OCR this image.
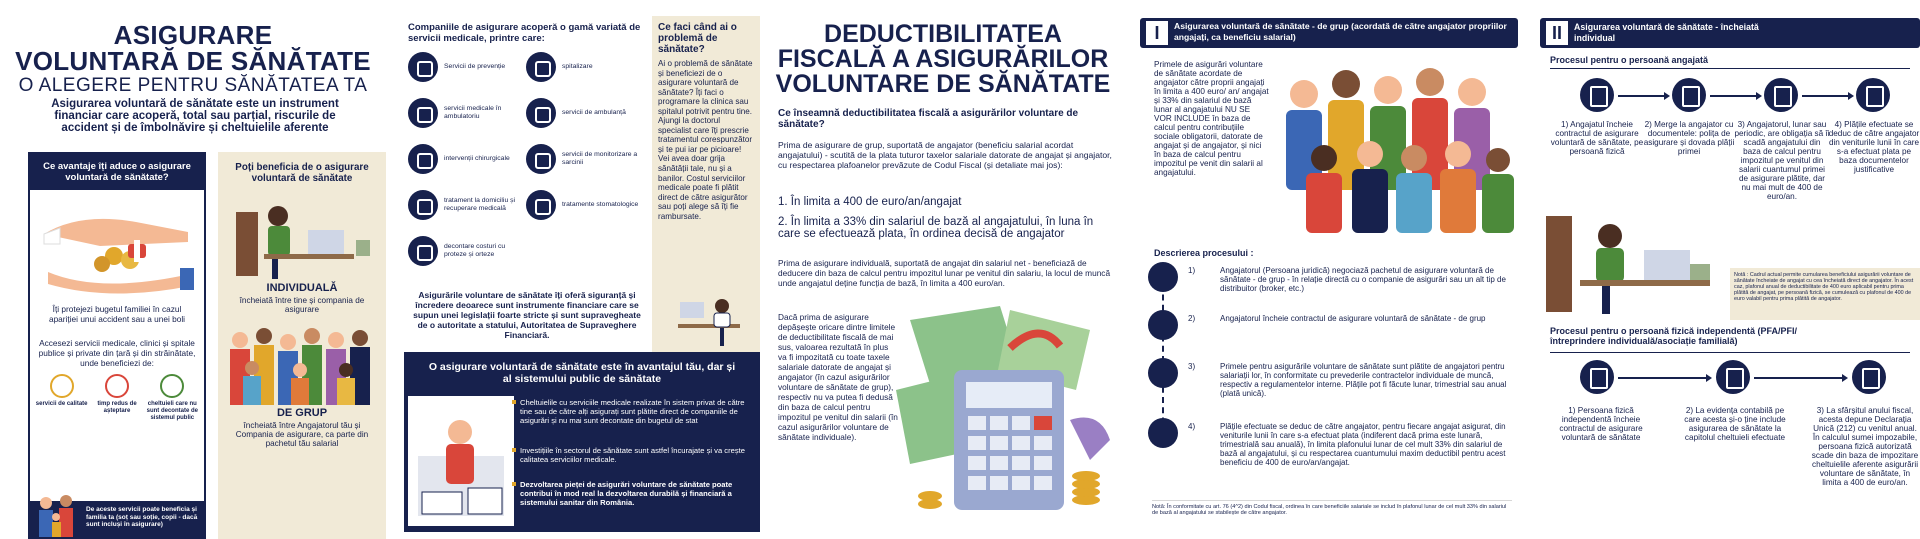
ASIGURARE
VOLUNTARĂ DE SĂNĂTATE
O ALEGERE PENTRU SĂNĂTATEA TA
Asigurarea voluntară de sănătate este un instrument financiar care acoperă, total sau parțial, riscurile de accident și de îmbolnăvire și cheltuielile aferente
Ce avantaje îți aduce o asigurare voluntară de sănătate?
Îți protejezi bugetul familiei în cazul apariției unui accident sau a unei boli
Accesezi servicii medicale, clinici și spitale publice și private din țară și din străinătate, unde beneficiezi de:
servicii de calitate	timp redus de așteptare
cheltuieli care nu sunt decontate de sistemul public
De aceste servicii poate beneficia și familia ta (soț sau soție, copii - dacă sunt incluși în asigurare)
Poți beneficia de o asigurare voluntară de sănătate
INDIVIDUALĂ
încheiată între tine și compania de asigurare
DE GRUP
încheiată între Angajatorul tău și Compania de asigurare, ca parte din pachetul tău salarial
Companiile de asigurare acoperă o gamă variată de servicii medicale, printre care:
Servicii de prevenție	spitalizare
servicii medicale în ambulatoriu
servicii de ambulanță
intervenții chirurgicale
servicii de monitorizare a sarcinii
tratament la domiciliu și recuperare medicală
tratamente stomatologice
decontare costuri cu proteze și orteze
Asigurările voluntare de sănătate îți oferă siguranță și încredere deoarece sunt instrumente financiare care se supun unei legislații foarte stricte și sunt supravegheate de o autoritate a statului, Autoritatea de Supraveghere Financiară.
Ce faci când ai o problemă de sănătate?

Ai o problemă de sănătate și beneficiezi de o asigurare voluntară de sănătate? Îți faci o programare la clinica sau spitalul potrivit pentru tine. Ajungi la doctorul specialist care îți prescrie tratamentul corespunzător și te pui iar pe picioare! Vei avea doar grija sănătății tale, nu și a banilor. Costul serviciilor medicale poate fi plătit direct de către asigurător sau poți alege să îți fie rambursate.

O asigurare voluntară de sănătate este în avantajul tău, dar și al sistemului public de sănătate
Cheltuielile cu serviciile medicale realizate în sistem privat de către tine sau de către alți asigurați sunt plătite direct de companiile de asigurări și nu mai sunt decontate din bugetul de stat
Investițiile în sectorul de sănătate sunt astfel încurajate și va crește calitatea serviciilor medicale.
Dezvoltarea pieței de asigurări voluntare de sănătate poate contribui în mod real la dezvoltarea durabilă și financiară a sistemului sanitar din România.
DEDUCTIBILITATEA
FISCALĂ A ASIGURĂRILOR
VOLUNTARE DE SĂNĂTATE
Ce înseamnă deductibilitatea fiscală a asigurărilor voluntare de sănătate?
Prima de asigurare de grup, suportată de angajator (beneficiu salarial acordat angajatului) - scutită de la plata tuturor taxelor salariale datorate de angajat și angajator, cu respectarea plafoanelor prevăzute de Codul Fiscal (și detaliate mai jos):
1. În limita a 400 de euro/an/angajat
2. În limita a 33% din salariul de bază al angajatului, în luna în care se efectuează plata, în ordinea decisă de angajator
Prima de asigurare individuală, suportată de angajat din salariul net - beneficiază de deducere din baza de calcul pentru impozitul lunar pe venitul din salariu, la locul de muncă unde angajatul deține funcția de bază, în limita a 400 euro/an.
Dacă prima de asigurare depășește oricare dintre limitele de deductibilitate fiscală de mai sus, valoarea rezultată în plus va fi impozitată cu toate taxele salariale datorate de angajat și angajator (în cazul asigurărilor voluntare de sănătate de grup), respectiv nu va putea fi dedusă din baza de calcul pentru impozitul pe venitul din salarii (în cazul asigurărilor voluntare de sănătate individuale).
I	Asigurarea voluntară de sănătate - de grup (acordată de către angajator propriilor angajați, ca beneficiu salarial)
Primele de asigurări voluntare de sănătate acordate de angajator către proprii angajați în limita a 400 euro/ an/ angajat și 33% din salariul de bază lunar al angajatului NU SE VOR INCLUDE în baza de calcul pentru contribuțiile sociale obligatorii, datorate de angajat și de angajator, și nici în baza de calcul pentru impozitul pe venit din salarii al angajatului.
Descrierea procesului :
1)	Angajatorul (Persoana juridică) negociază pachetul de asigurare voluntară de sănătate - de grup - în relație directă cu o companie de asigurări sau un alt tip de distribuitor (broker, etc.)
2)	Angajatorul încheie contractul de asigurare voluntară de sănătate - de grup
3)	Primele pentru asigurările voluntare de sănătate sunt plătite de angajatori pentru salariații lor, în conformitate cu prevederile contractelor individuale de muncă, respectiv a regulamentelor interne. Plățile pot fi făcute lunar, trimestrial sau anual (plată unică).
4)	Plățile efectuate se deduc de către angajator, pentru fiecare angajat asigurat, din veniturile lunii în care s-a efectuat plata (indiferent dacă prima este lunară, trimestrială sau anuală), în limita plafonului lunar de cel mult 33% din salariul de bază al angajatului, și cu respectarea cuantumului maxim deductibil pentru acest beneficiu de 400 de euro/an/angajat.
Notă: În conformitate cu art. 76 (4^2) din Codul fiscal, ordinea în care beneficiile salariale se includ în plafonul lunar de cel mult 33% din salariul de bază al angajatului se stabilește de către angajator.
II	Asigurarea voluntară de sănătate - încheiată individual
Procesul pentru o persoană angajată
1) Angajatul încheie contractul de asigurare voluntară de sănătate, pe persoană fizică
2) Merge la angajator cu documentele: polița de asigurare și dovada plății primei
3) Angajatorul, lunar sau periodic, are obligația să îi scadă angajatului din baza de calcul pentru impozitul pe venitul din salarii cuantumul primei de asigurare plătite, dar nu mai mult de 400 de euro/an.
4) Plățile efectuate se deduc de către angajator din veniturile lunii în care s-a efectuat plata pe baza documentelor justificative
Notă : Cadrul actual permite cumularea beneficiului asigurării voluntare de sănătate încheiate de angajat cu cea încheiată direct de angajator. În acest caz, plafonul anual de deductibilitate de 400 euro aplicabil pentru prima plătită de angajat, pe persoană fizică, se cumulează cu plafonul de 400 de euro valabil pentru prima plătită de angajator.
Procesul pentru o persoană fizică independentă (PFA/PFI/întreprindere individuală/asociație familială)
1) Persoana fizică independentă încheie contractul de asigurare voluntară de sănătate
2) La evidența contabilă pe care acesta și-o ține include asigurarea de sănătate la capitolul cheltuieli efectuate
3) La sfârșitul anului fiscal, acesta depune Declarația Unică (212) cu venitul anual. În calculul sumei impozabile, persoana fizică autorizată scade din baza de impozitare cheltuielile aferente asigurării voluntare de sănătate, în limita a 400 de euro/an.
